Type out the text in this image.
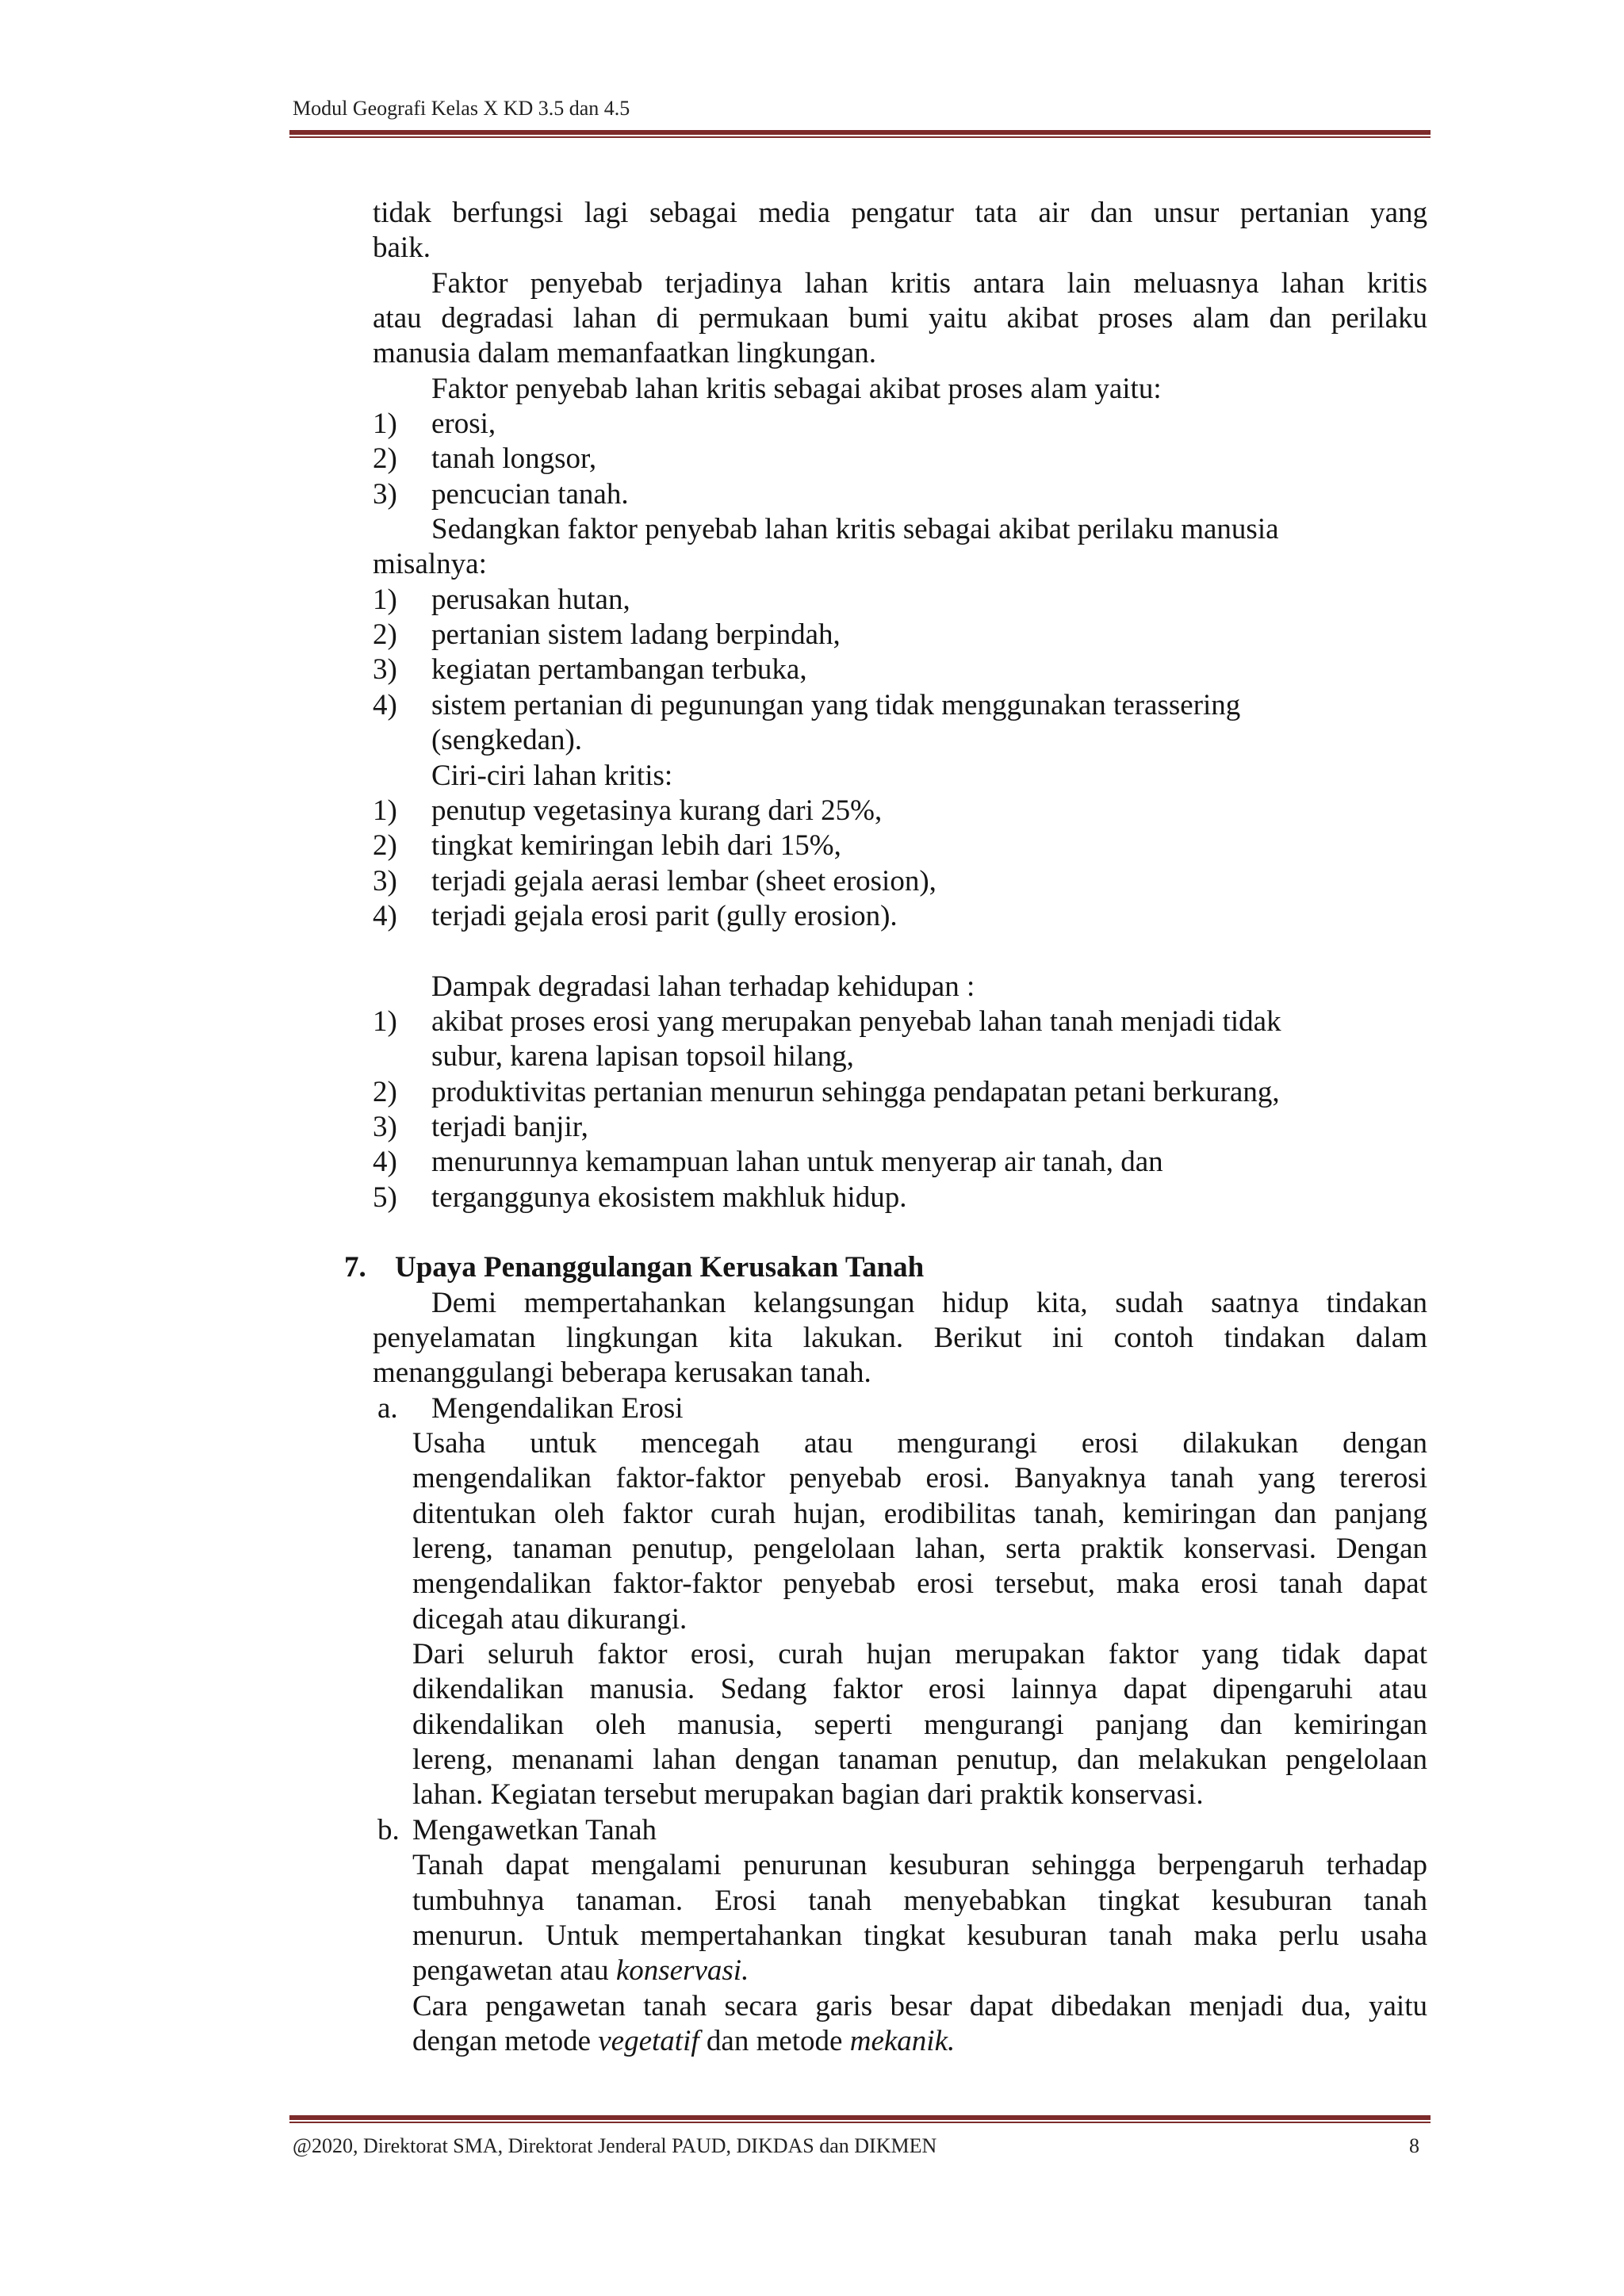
Modul Geografi Kelas X KD 3.5 dan 4.5
tidak berfungsi lagi sebagai media pengatur tata air dan unsur pertanian yang
baik.
Faktor penyebab terjadinya lahan kritis antara lain meluasnya lahan kritis
atau degradasi lahan di permukaan bumi yaitu akibat proses alam dan perilaku
manusia dalam memanfaatkan lingkungan.
Faktor penyebab lahan kritis sebagai akibat proses alam yaitu:
1)	erosi,
2)	tanah longsor,
3)	pencucian tanah.
Sedangkan faktor penyebab lahan kritis sebagai akibat perilaku manusia
misalnya:
1)	perusakan hutan,
2)	pertanian sistem ladang berpindah,
3)	kegiatan pertambangan terbuka,
4)	sistem pertanian di pegunungan yang tidak menggunakan terassering
(sengkedan).
Ciri-ciri lahan kritis:
1)	penutup vegetasinya kurang dari 25%,
2)	tingkat kemiringan lebih dari 15%,
3)	terjadi gejala aerasi lembar (sheet erosion),
4)	terjadi gejala erosi parit (gully erosion).
Dampak degradasi lahan terhadap kehidupan :
1)	akibat proses erosi yang merupakan penyebab lahan tanah menjadi tidak
subur, karena lapisan topsoil hilang,
2)	produktivitas pertanian menurun sehingga pendapatan petani berkurang,
3)	terjadi banjir,
4)	menurunnya kemampuan lahan untuk menyerap air tanah, dan
5)	terganggunya ekosistem makhluk hidup.
7. Upaya Penanggulangan Kerusakan Tanah
Demi mempertahankan kelangsungan hidup kita, sudah saatnya tindakan
penyelamatan lingkungan kita lakukan. Berikut ini contoh tindakan dalam
menanggulangi beberapa kerusakan tanah.
a.	Mengendalikan Erosi
Usaha untuk mencegah atau mengurangi erosi dilakukan dengan
mengendalikan faktor-faktor penyebab erosi. Banyaknya tanah yang tererosi
ditentukan oleh faktor curah hujan, erodibilitas tanah, kemiringan dan panjang
lereng, tanaman penutup, pengelolaan lahan, serta praktik konservasi. Dengan
mengendalikan faktor-faktor penyebab erosi tersebut, maka erosi tanah dapat
dicegah atau dikurangi.
Dari seluruh faktor erosi, curah hujan merupakan faktor yang tidak dapat
dikendalikan manusia. Sedang faktor erosi lainnya dapat dipengaruhi atau
dikendalikan oleh manusia, seperti mengurangi panjang dan kemiringan
lereng, menanami lahan dengan tanaman penutup, dan melakukan pengelolaan
lahan. Kegiatan tersebut merupakan bagian dari praktik konservasi.
b. Mengawetkan Tanah
Tanah dapat mengalami penurunan kesuburan sehingga berpengaruh terhadap
tumbuhnya tanaman. Erosi tanah menyebabkan tingkat kesuburan tanah
menurun. Untuk mempertahankan tingkat kesuburan tanah maka perlu usaha
pengawetan atau konservasi.
Cara pengawetan tanah secara garis besar dapat dibedakan menjadi dua, yaitu
dengan metode vegetatif dan metode mekanik.
@2020, Direktorat SMA, Direktorat Jenderal PAUD, DIKDAS dan DIKMEN	8
